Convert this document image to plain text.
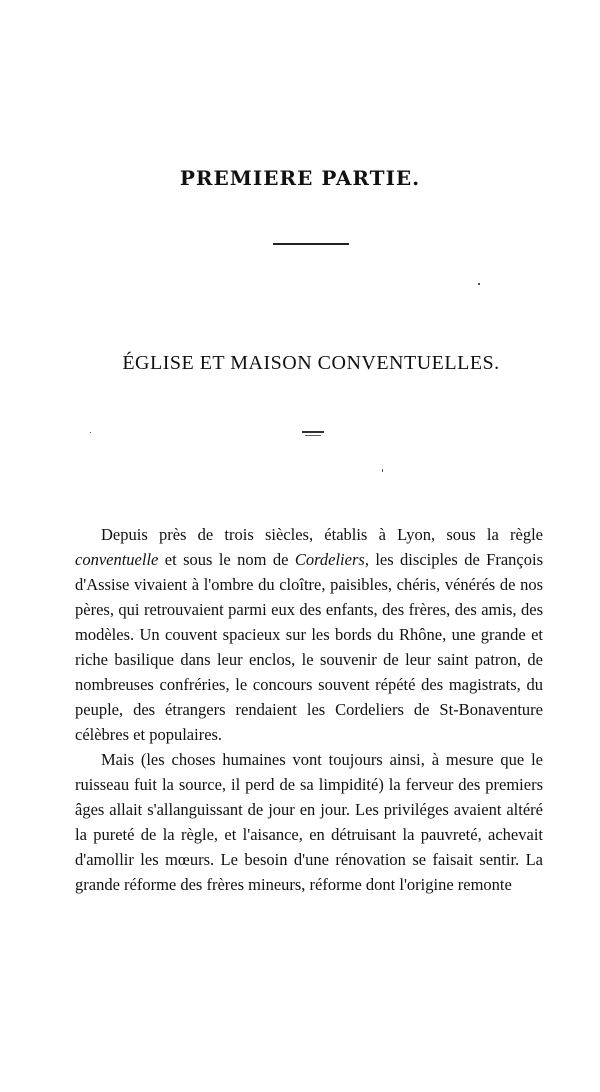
PREMIERE PARTIE.
ÉGLISE ET MAISON CONVENTUELLES.

Depuis près de trois siècles, établis à Lyon, sous la règle conventuelle et sous le nom de Cordeliers, les disciples de François d'Assise vivaient à l'ombre du cloître, paisibles, chéris, vénérés de nos pères, qui retrouvaient parmi eux des enfants, des frères, des amis, des modèles. Un couvent spacieux sur les bords du Rhône, une grande et riche basilique dans leur enclos, le souvenir de leur saint patron, de nombreuses confréries, le concours souvent répété des magistrats, du peuple, des étrangers rendaient les Cordeliers de St-Bonaventure célèbres et populaires.

Mais (les choses humaines vont toujours ainsi, à mesure que le ruisseau fuit la source, il perd de sa limpidité) la ferveur des premiers âges allait s'allanguissant de jour en jour. Les priviléges avaient altéré la pureté de la règle, et l'aisance, en détruisant la pauvreté, achevait d'amollir les mœurs. Le besoin d'une rénovation se faisait sentir. La grande réforme des frères mineurs, réforme dont l'origine remonte
